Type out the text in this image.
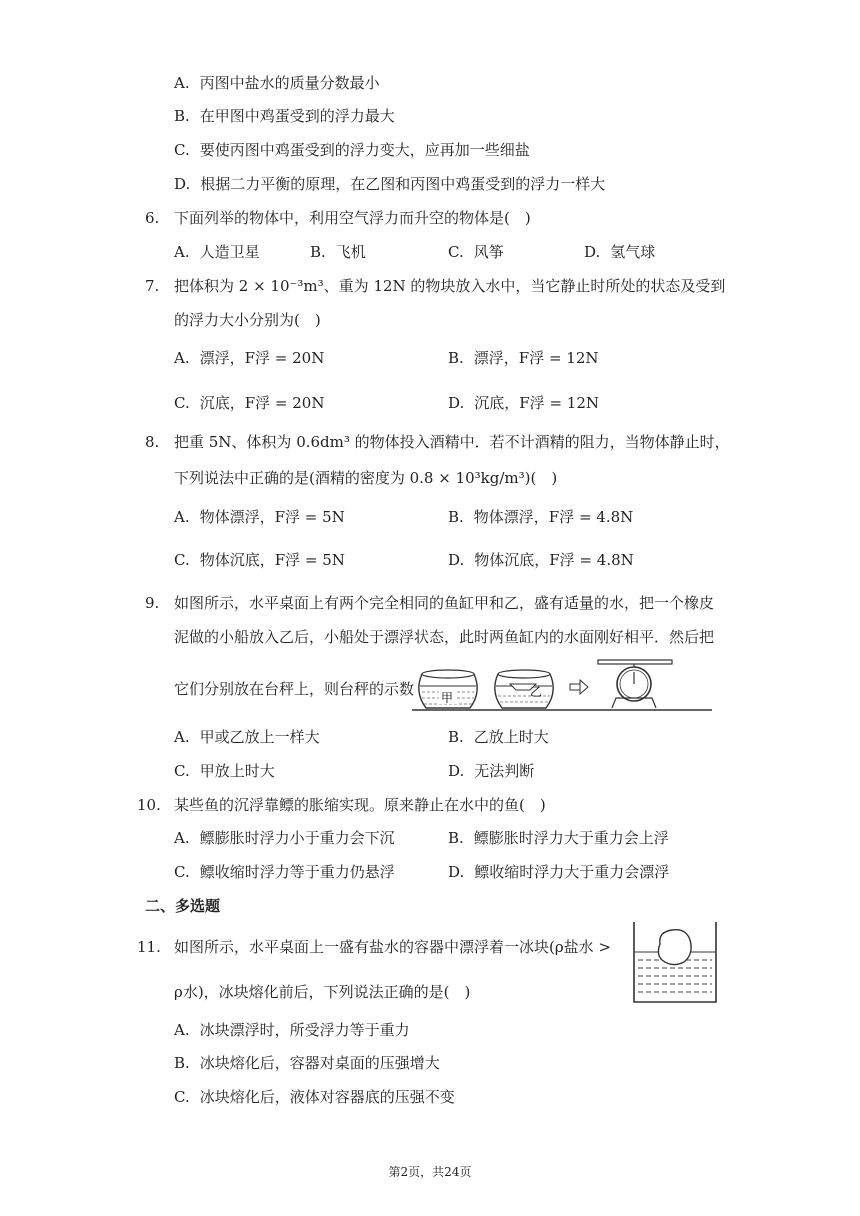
A. 丙图中盐水的质量分数最小
B. 在甲图中鸡蛋受到的浮力最大
C. 要使丙图中鸡蛋受到的浮力变大，应再加一些细盐
D. 根据二力平衡的原理，在乙图和丙图中鸡蛋受到的浮力一样大
6. 下面列举的物体中，利用空气浮力而升空的物体是(　)
A. 人造卫星	B. 飞机	C. 风筝	D. 氢气球
7. 把体积为 2 × 10⁻³m³、重为 12N 的物块放入水中，当它静止时所处的状态及受到
的浮力大小分别为(　)
A. 漂浮，F浮 = 20N	B. 漂浮，F浮 = 12N
C. 沉底，F浮 = 20N	D. 沉底，F浮 = 12N
8. 把重 5N、体积为 0.6dm³ 的物体投入酒精中．若不计酒精的阻力，当物体静止时，
下列说法中正确的是(酒精的密度为 0.8 × 10³kg/m³)(　)
A. 物体漂浮，F浮 = 5N	B. 物体漂浮，F浮 = 4.8N
C. 物体沉底，F浮 = 5N	D. 物体沉底，F浮 = 4.8N
9. 如图所示，水平桌面上有两个完全相同的鱼缸甲和乙，盛有适量的水，把一个橡皮
泥做的小船放入乙后，小船处于漂浮状态，此时两鱼缸内的水面刚好相平．然后把
它们分别放在台秤上，则台秤的示数 甲	乙
A. 甲或乙放上一样大	B. 乙放上时大
C. 甲放上时大	D. 无法判断
10. 某些鱼的沉浮靠鳔的胀缩实现。原来静止在水中的鱼(　)
A. 鳔膨胀时浮力小于重力会下沉	B. 鳔膨胀时浮力大于重力会上浮
C. 鳔收缩时浮力等于重力仍悬浮	D. 鳔收缩时浮力大于重力会漂浮
二、多选题
11. 如图所示，水平桌面上一盛有盐水的容器中漂浮着一冰块(ρ盐水 >
ρ水)，冰块熔化前后，下列说法正确的是(　)
A. 冰块漂浮时，所受浮力等于重力
B. 冰块熔化后，容器对桌面的压强增大
C. 冰块熔化后，液体对容器底的压强不变
第2页，共24页
